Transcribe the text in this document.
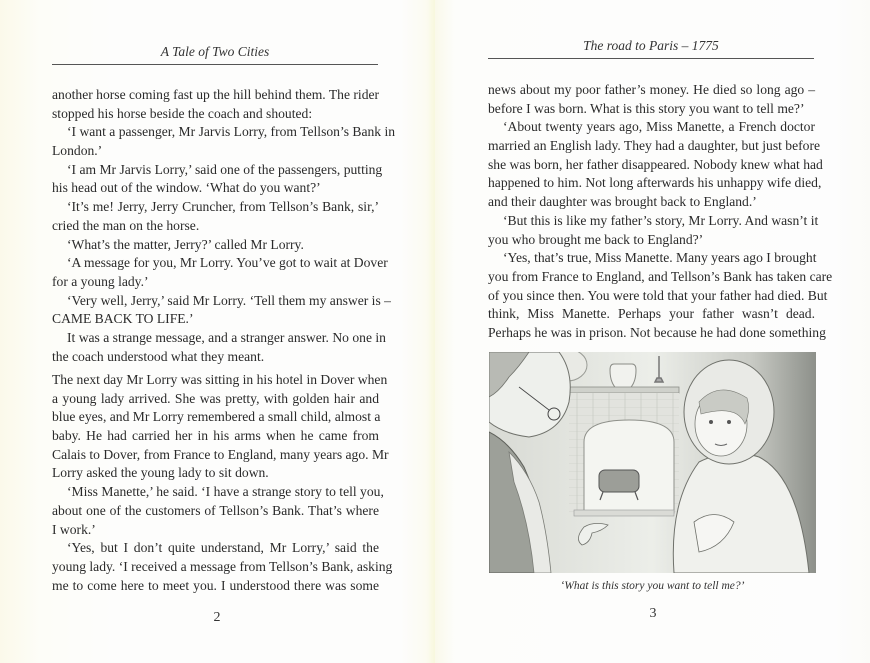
A Tale of Two Cities
another horse coming fast up the hill behind them. The rider
stopped his horse beside the coach and shouted:
‘I want a passenger, Mr Jarvis Lorry, from Tellson’s Bank in
London.’
‘I am Mr Jarvis Lorry,’ said one of the passengers, putting
his head out of the window. ‘What do you want?’
‘It’s me! Jerry, Jerry Cruncher, from Tellson’s Bank, sir,’
cried the man on the horse.
‘What’s the matter, Jerry?’ called Mr Lorry.
‘A message for you, Mr Lorry. You’ve got to wait at Dover
for a young lady.’
‘Very well, Jerry,’ said Mr Lorry. ‘Tell them my answer is –
CAME BACK TO LIFE.’
It was a strange message, and a stranger answer. No one in
the coach understood what they meant.
The next day Mr Lorry was sitting in his hotel in Dover when
a young lady arrived. She was pretty, with golden hair and
blue eyes, and Mr Lorry remembered a small child, almost a
baby. He had carried her in his arms when he came from
Calais to Dover, from France to England, many years ago. Mr
Lorry asked the young lady to sit down.
‘Miss Manette,’ he said. ‘I have a strange story to tell you,
about one of the customers of Tellson’s Bank. That’s where
I work.’
‘Yes, but I don’t quite understand, Mr Lorry,’ said the
young lady. ‘I received a message from Tellson’s Bank, asking
me to come here to meet you. I understood there was some
2
The road to Paris – 1775
news about my poor father’s money. He died so long ago –
before I was born. What is this story you want to tell me?’
‘About twenty years ago, Miss Manette, a French doctor
married an English lady. They had a daughter, but just before
she was born, her father disappeared. Nobody knew what had
happened to him. Not long afterwards his unhappy wife died,
and their daughter was brought back to England.’
‘But this is like my father’s story, Mr Lorry. And wasn’t it
you who brought me back to England?’
‘Yes, that’s true, Miss Manette. Many years ago I brought
you from France to England, and Tellson’s Bank has taken care
of you since then. You were told that your father had died. But
think, Miss Manette. Perhaps your father wasn’t dead.
Perhaps he was in prison. Not because he had done something
3
‘What is this story you want to tell me?’
